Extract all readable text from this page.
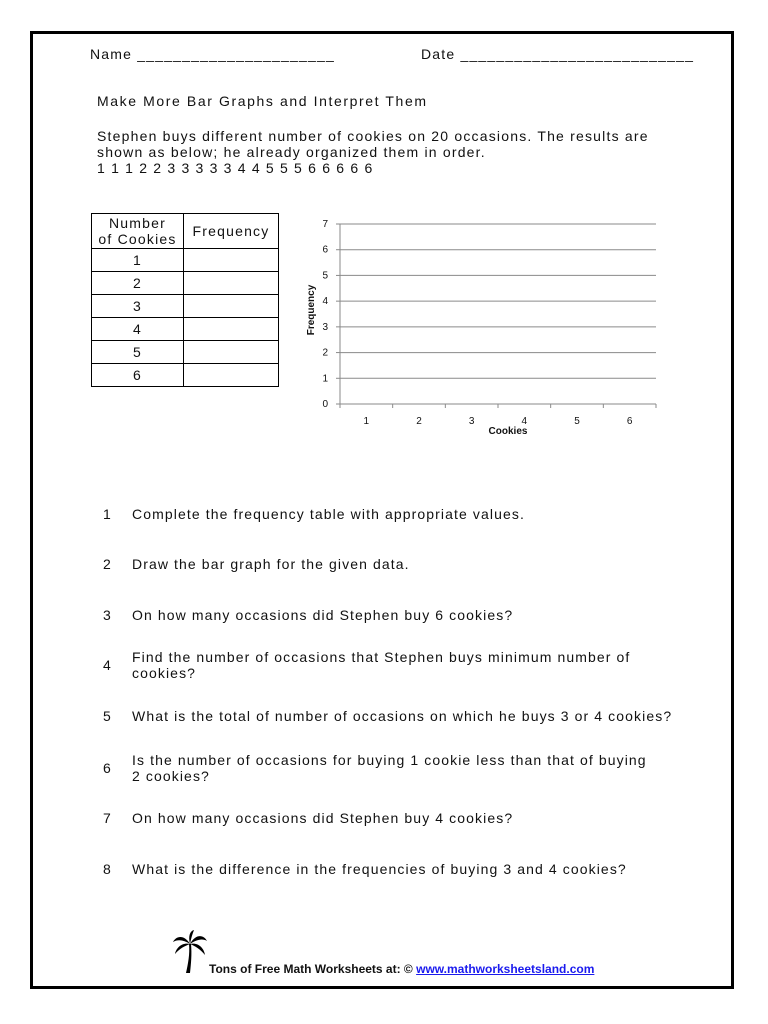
Name ______________________	Date __________________________
Make More Bar Graphs and Interpret Them
Stephen buys different number of cookies on 20 occasions. The results are
shown as below; he already organized them in order.
1 1 1 2 2 3 3 3 3 3 4 4 5 5 5 6 6 6 6 6
Number
of Cookies	Frequency
1	
2	
3	
4	
5	
6	
0
1
2
3
4
5
6
7
1	2	3	4	5	6
Cookies
Frequency
1 Complete the frequency table with appropriate values.
2 Draw the bar graph for the given data.
3 On how many occasions did Stephen buy 6 cookies?
4 Find the number of occasions that Stephen buys minimum number of cookies?
5 What is the total of number of occasions on which he buys 3 or 4 cookies?
6 Is the number of occasions for buying 1 cookie less than that of buying 2 cookies?
7 On how many occasions did Stephen buy 4 cookies?
8 What is the difference in the frequencies of buying 3 and 4 cookies?
Tons of Free Math Worksheets at: © www.mathworksheetsland.com
